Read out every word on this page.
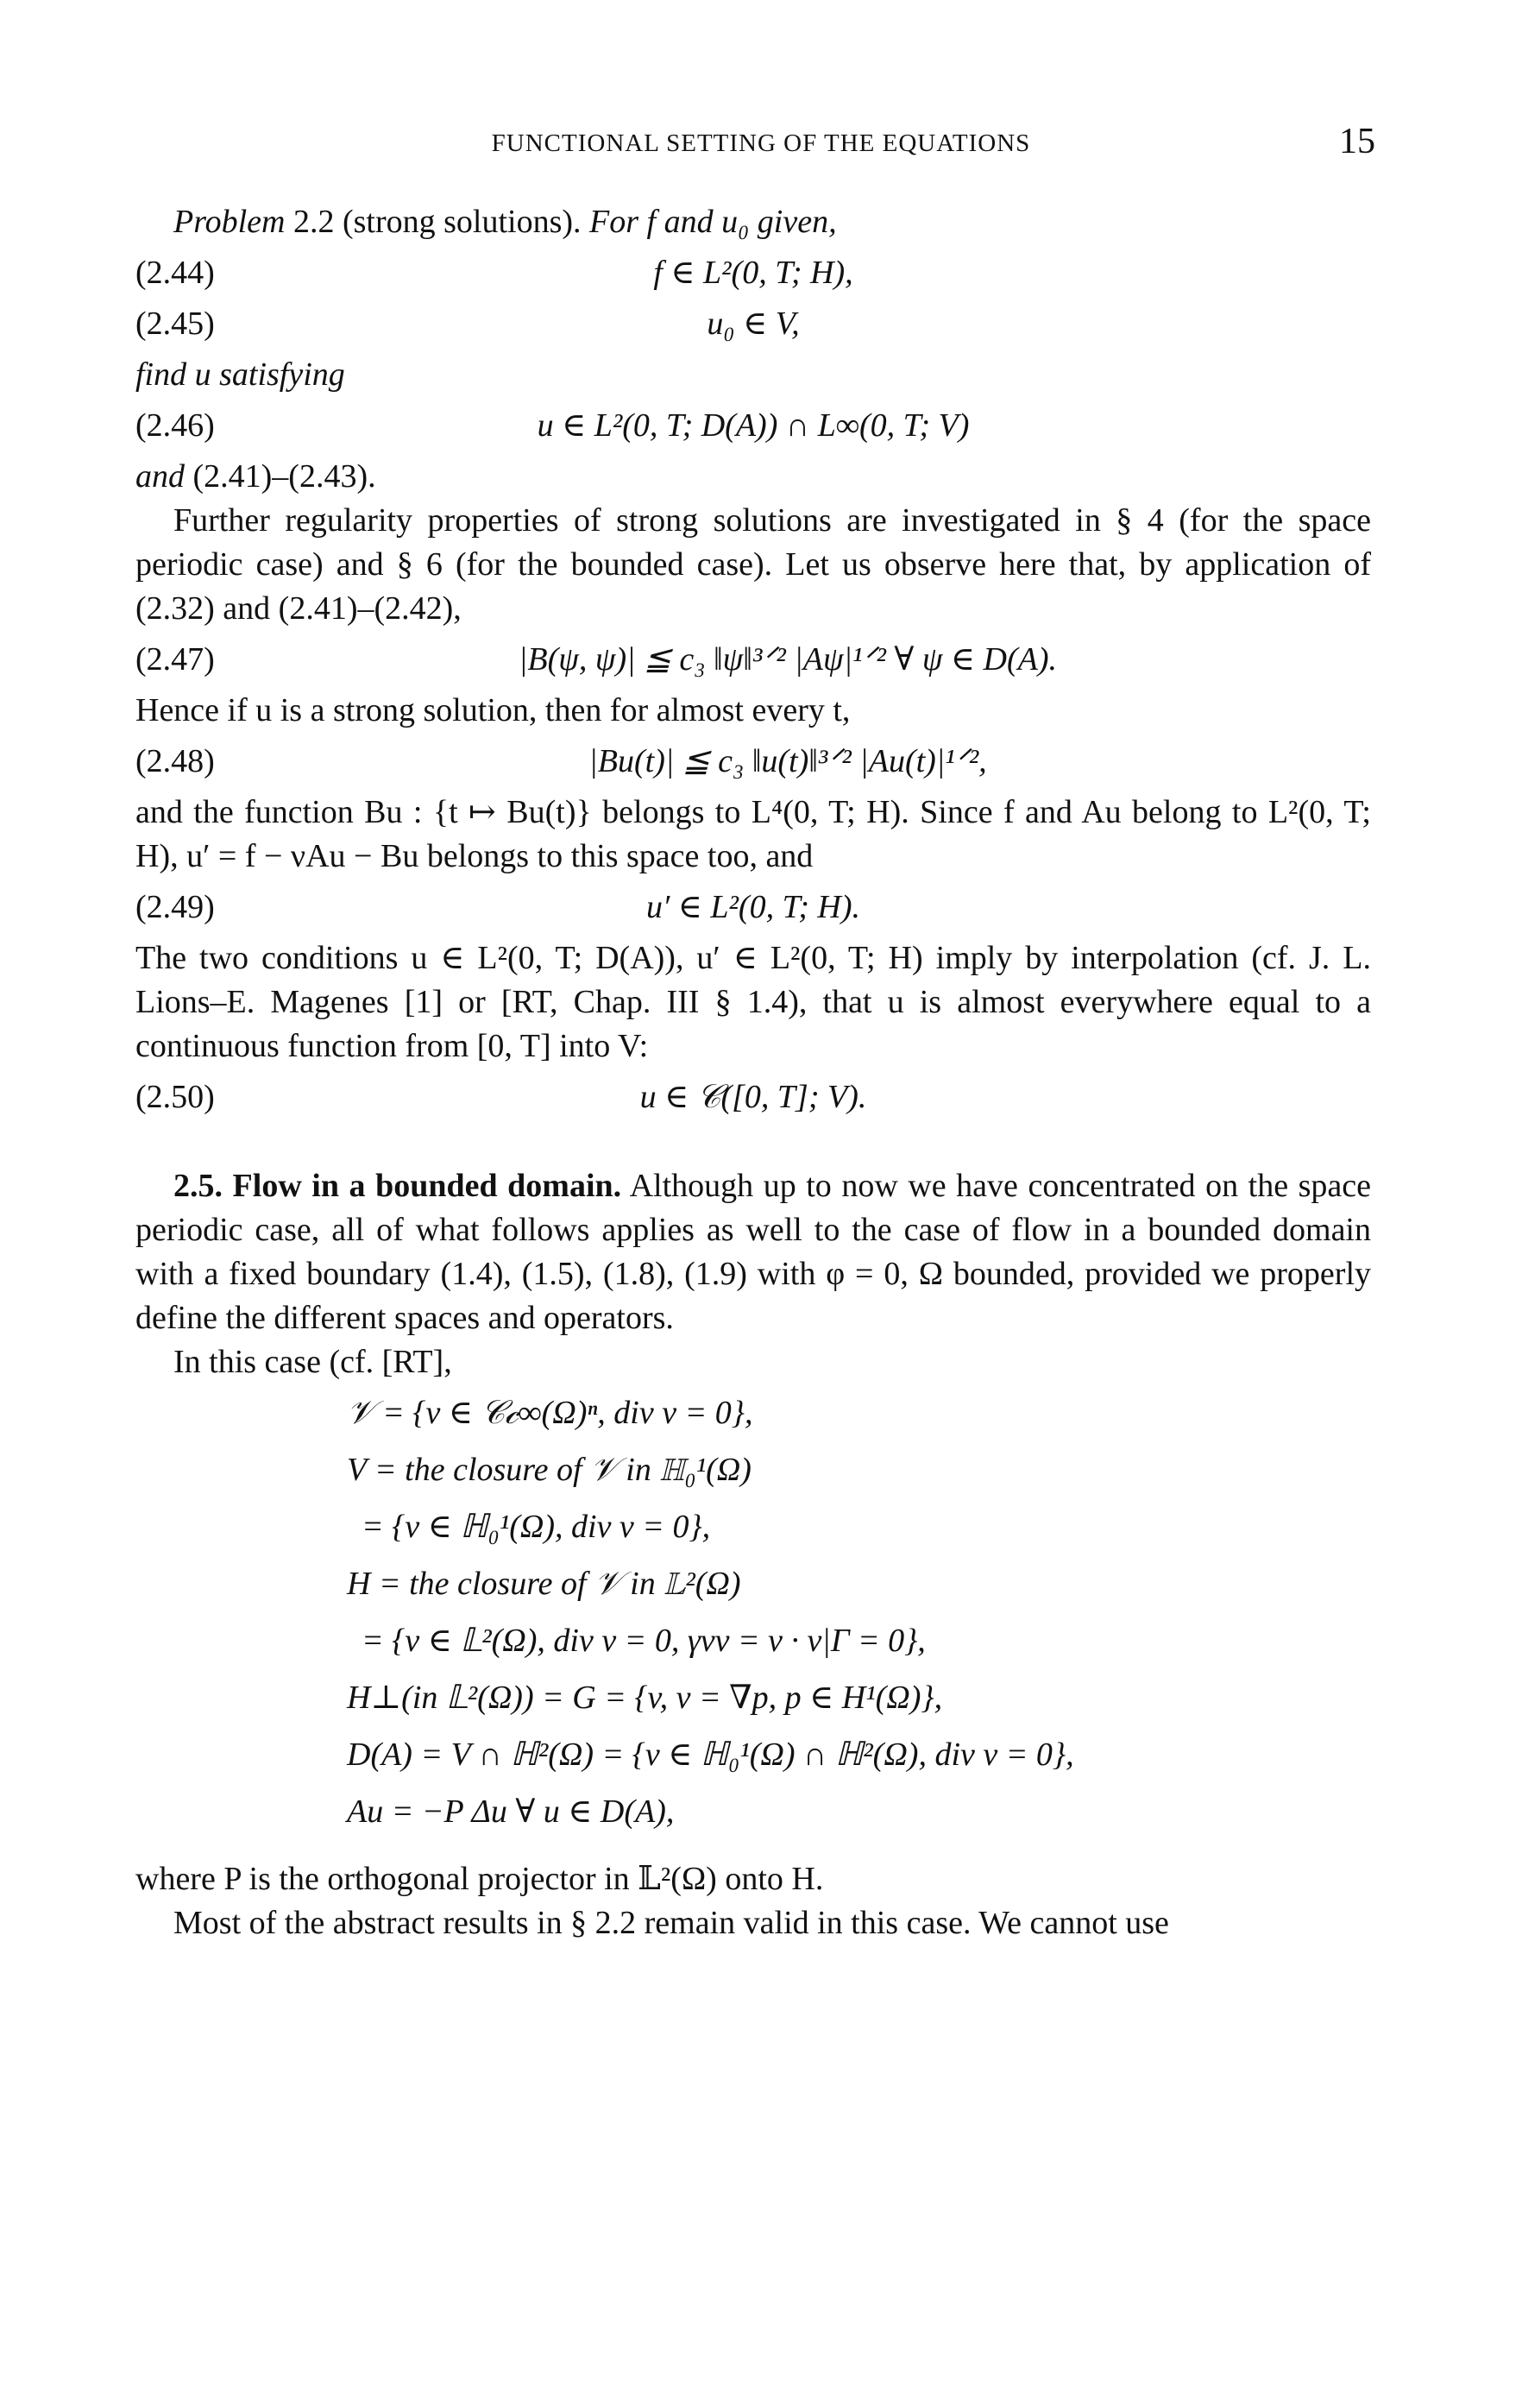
FUNCTIONAL SETTING OF THE EQUATIONS	15

Problem 2.2 (strong solutions). For f and u₀ given,

(2.44)	f ∈ L²(0, T; H),
(2.45)	u₀ ∈ V,

find u satisfying

(2.46)	u ∈ L²(0, T; D(A)) ∩ L∞(0, T; V)

and (2.41)–(2.43).

Further regularity properties of strong solutions are investigated in § 4 (for the space periodic case) and § 6 (for the bounded case). Let us observe here that, by application of (2.32) and (2.41)–(2.42),

(2.47)	|B(ψ, ψ)| ≦ c₃ ‖ψ‖³ᐟ² |Aψ|¹ᐟ² ∀ ψ ∈ D(A).

Hence if u is a strong solution, then for almost every t,

(2.48)	|Bu(t)| ≦ c₃ ‖u(t)‖³ᐟ² |Au(t)|¹ᐟ²,

and the function Bu : {t ↦ Bu(t)} belongs to L⁴(0, T; H). Since f and Au belong to L²(0, T; H), u′ = f − νAu − Bu belongs to this space too, and

(2.49)	u′ ∈ L²(0, T; H).

The two conditions u ∈ L²(0, T; D(A)), u′ ∈ L²(0, T; H) imply by interpolation (cf. J. L. Lions–E. Magenes [1] or [RT, Chap. III § 1.4), that u is almost everywhere equal to a continuous function from [0, T] into V:

(2.50)	u ∈ 𝒞([0, T]; V).

2.5. Flow in a bounded domain. Although up to now we have concentrated on the space periodic case, all of what follows applies as well to the case of flow in a bounded domain with a fixed boundary (1.4), (1.5), (1.8), (1.9) with φ = 0, Ω bounded, provided we properly define the different spaces and operators.

In this case (cf. [RT],

𝒱 = {v ∈ 𝒞𝒸∞(Ω)ⁿ, div v = 0},
V = the closure of 𝒱 in ℍ₀¹(Ω)
= {v ∈ ℍ₀¹(Ω), div v = 0},
H = the closure of 𝒱 in 𝕃²(Ω)
= {v ∈ 𝕃²(Ω), div v = 0, γνv = v · ν|Γ = 0},
H⊥(in 𝕃²(Ω)) = G = {v, v = ∇p, p ∈ H¹(Ω)},
D(A) = V ∩ ℍ²(Ω) = {v ∈ ℍ₀¹(Ω) ∩ ℍ²(Ω), div v = 0},
Au = −P Δu ∀ u ∈ D(A),

where P is the orthogonal projector in 𝕃²(Ω) onto H.

Most of the abstract results in § 2.2 remain valid in this case. We cannot use
